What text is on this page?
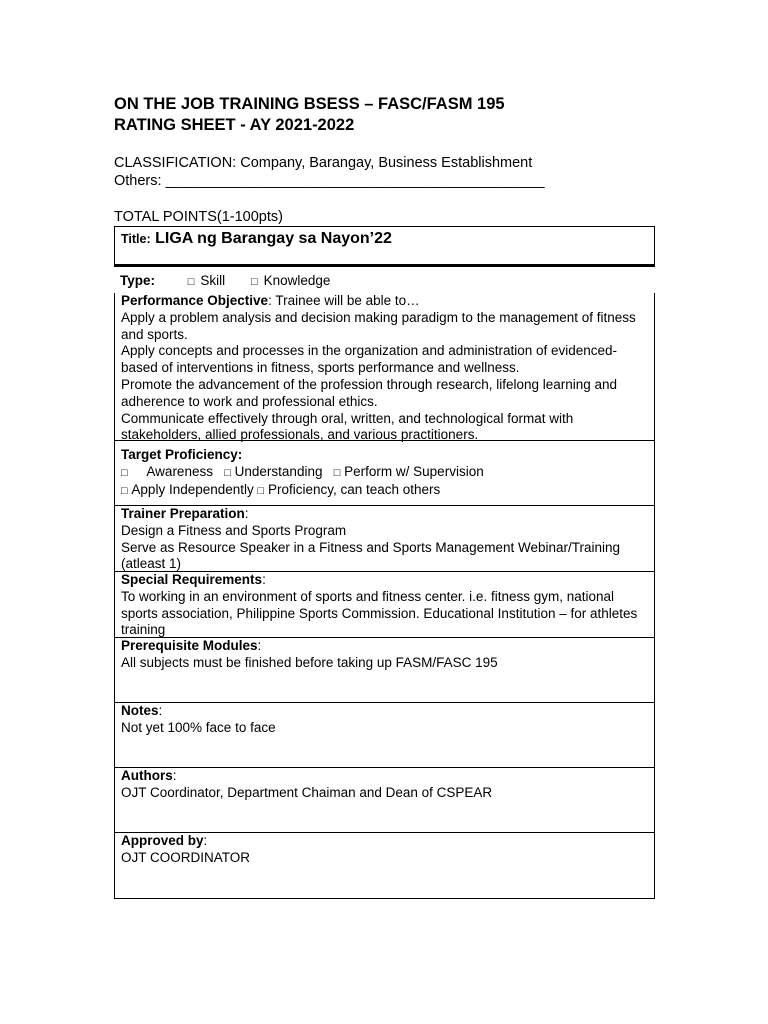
ON THE JOB TRAINING BSESS – FASC/FASM 195
RATING SHEET - AY 2021-2022
CLASSIFICATION: Company, Barangay, Business Establishment
Others: _______________________________________________
TOTAL POINTS(1-100pts)
Title: LIGA ng Barangay sa Nayon’22
Type:	□ Skill □ Knowledge
Performance Objective: Trainee will be able to…
Apply a problem analysis and decision making paradigm to the management of fitness and sports.
Apply concepts and processes in the organization and administration of evidenced-based of interventions in fitness, sports performance and wellness.
Promote the advancement of the profession through research, lifelong learning and adherence to work and professional ethics.
Communicate effectively through oral, written, and technological format with stakeholders, allied professionals, and various practitioners.
Target Proficiency:
□ Awareness □ Understanding □ Perform w/ Supervision
□ Apply Independently □ Proficiency, can teach others
Trainer Preparation:
Design a Fitness and Sports Program
Serve as Resource Speaker in a Fitness and Sports Management Webinar/Training (atleast 1)
Special Requirements:
To working in an environment of sports and fitness center. i.e. fitness gym, national sports association, Philippine Sports Commission. Educational Institution – for athletes training
Prerequisite Modules:
All subjects must be finished before taking up FASM/FASC 195
Notes:
Not yet 100% face to face
Authors:
OJT Coordinator, Department Chaiman and Dean of CSPEAR
Approved by:
OJT COORDINATOR
